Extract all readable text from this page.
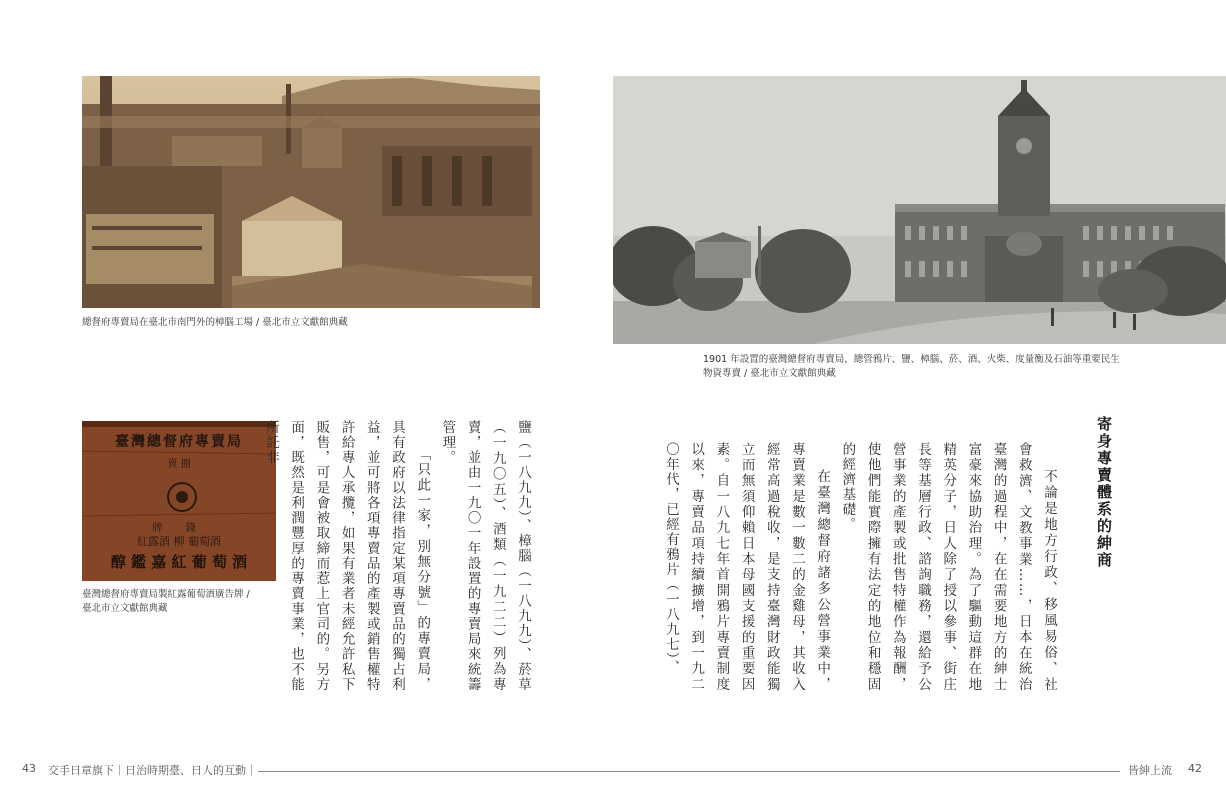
總督府專賣局在臺北市南門外的樟腦工場 / 臺北市立文獻館典藏
1901 年設置的臺灣總督府專賣局，總管鴉片、鹽、樟腦、菸、酒、火柴、度量衡及石油等重要民生
物資專賣 / 臺北市立文獻館典藏
臺灣總督府專賣局
賣 捌
牌 錢
紅露酒 柳 葡萄酒
醇 鑑 嘉 紅 葡 萄 酒
臺灣總督府專賣局製紅露葡萄酒廣告牌 /
臺北市立文獻館典藏
寄身專賣體系的紳商

不論是地方行政、移風易俗、社會救濟、文教事業……，日本在統治臺灣的過程中，在在需要地方的紳士富豪來協助治理。為了驅動這群在地精英分子，日人除了授以參事、街庄長等基層行政、諮詢職務，還給予公營事業的產製或批售特權作為報酬，使他們能實際擁有法定的地位和穩固的經濟基礎。

在臺灣總督府諸多公營事業中，專賣業是數一數二的金雞母，其收入經常高過稅收，是支持臺灣財政能獨立而無須仰賴日本母國支援的重要因素。自一八九七年首開鴉片專賣制度以來，專賣品項持續擴增，到一九二〇年代，已經有鴉片（一八九七）、

鹽（一八九九）、樟腦（一八九九）、菸草（一九〇五）、酒類（一九二二）列為專賣，並由一九〇一年設置的專賣局來統籌管理。

「只此一家，別無分號」的專賣局，具有政府以法律指定某項專賣品的獨占利益，並可將各項專賣品的產製或銷售權特許給專人承攬，如果有業者未經允許私下販售，可是會被取締而惹上官司的。另方面，既然是利潤豐厚的專賣事業，也不能所託非

43 交手日章旗下｜日治時期臺、日人的互動｜	皆紳上流 42
